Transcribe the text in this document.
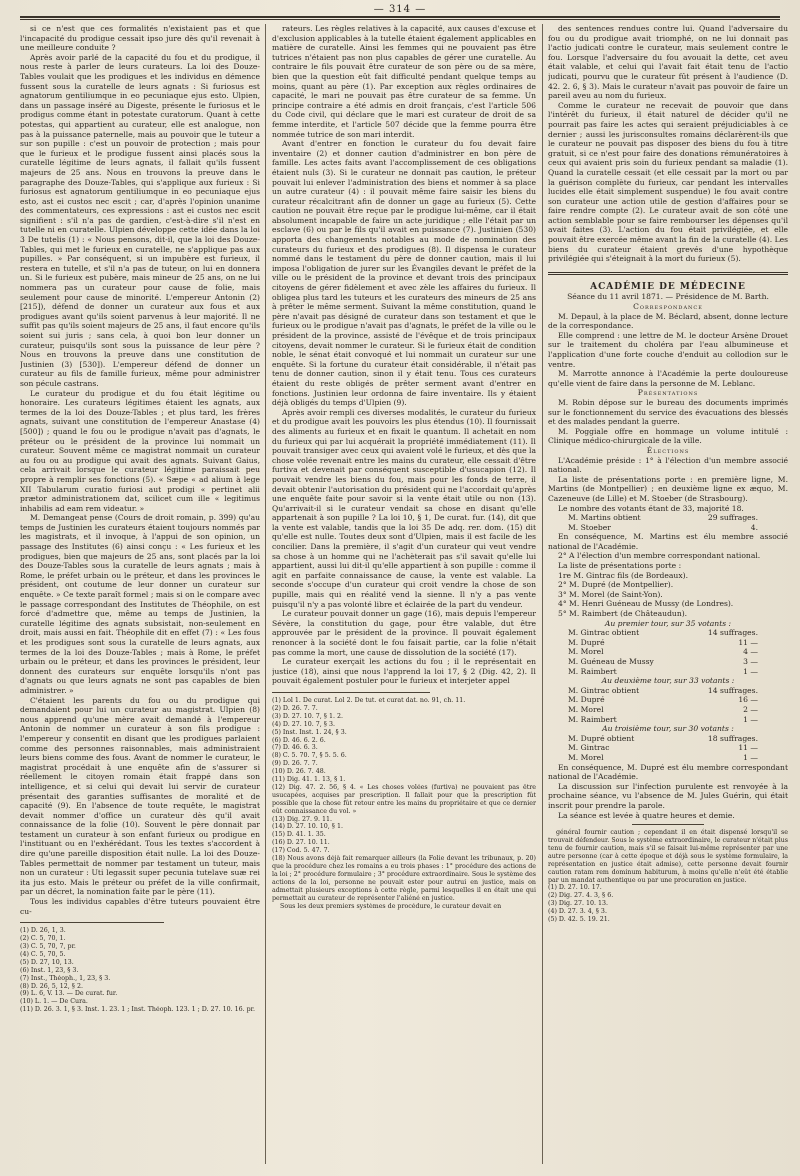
— 314 —

si ce n'est que ces formalités n'existaient pas et que l'incapacité du prodigue cessait ipso jure dès qu'il revenait à une meilleure conduite ?

Après avoir parlé de la capacité du fou et du prodigue, il nous reste à parler de leurs curateurs. La loi des Douze-Tables voulait que les prodigues et les individus en démence fussent sous la curatelle de leurs agnats : Si furiosus est agnatorum gentiliumque in eo pecuniaque ejus esto. Ulpien, dans un passage inséré au Digeste, présente le furiosus et le prodigus comme étant in potestate curatorum. Quant à cette potestas, qui appartient au curateur, elle est analogue, non pas à la puissance paternelle, mais au pouvoir que le tuteur a sur son pupille : c'est un pouvoir de protection ; mais pour que le furieux et le prodigue fussent ainsi placés sous la curatelle légitime de leurs agnats, il fallait qu'ils fussent majeurs de 25 ans. Nous en trouvons la preuve dans le paragraphe des Douze-Tables, qui s'applique aux furieux : Si furiosus est agnatorum gentiliumque in eo pecuniaque ejus esto, ast ei custos nec escit ; car, d'après l'opinion unanime des commentateurs, ces expressions : ast ei custos nec escit signifient : s'il n'a pas de gardien, c'est-à-dire s'il n'est en tutelle ni en curatelle. Ulpien développe cette idée dans la loi 3 De tutelis (1) : « Nous pensons, dit-il, que la loi des Douze-Tables, qui met le furieux en curatelle, ne s'applique pas aux pupilles. » Par conséquent, si un impubère est furieux, il restera en tutelle, et s'il n'a pas de tuteur, on lui en donnera un. Si le furieux est pubère, mais mineur de 25 ans, on ne lui nommera pas un curateur pour cause de folie, mais seulement pour cause de minorité. L'empereur Antonin (2) [215]), défend de donner un curateur aux fous et aux prodigues avant qu'ils soient parvenus à leur majorité. Il ne suffit pas qu'ils soient majeurs de 25 ans, il faut encore qu'ils soient sui juris ; sans cela, à quoi bon leur donner un curateur, puisqu'ils sont sous la puissance de leur père ? Nous en trouvons la preuve dans une constitution de Justinien (3) [530]). L'empereur défend de donner un curateur au fils de famille furieux, même pour administrer son pécule castrans.

Le curateur du prodigue et du fou était légitime ou honoraire. Les curateurs légitimes étaient les agnats, aux termes de la loi des Douze-Tables ; et plus tard, les frères agnats, suivant une constitution de l'empereur Anastase (4) [500]) ; quand le fou ou le prodigue n'avait pas d'agnats, le préteur ou le président de la province lui nommait un curateur. Souvent même ce magistrat nommait un curateur au fou ou au prodigue qui avait des agnats. Suivant Gaius, cela arrivait lorsque le curateur légitime paraissait peu propre à remplir ses fonctions (5). « Sæpe « ad alium à lege XII Tabularum curatio furiosi aut prodigi « pertinet alii prætor administrationem dat, scilicet cum ille « legitimus inhabilis ad eam rem videatur. »

M. Demangeat pense (Cours de droit romain, p. 399) qu'au temps de Justinien les curateurs étaient toujours nommés par les magistrats, et il invoque, à l'appui de son opinion, un passage des Institutes (6) ainsi conçu : « Les furieux et les prodigues, bien que majeurs de 25 ans, sont placés par la loi des Douze-Tables sous la curatelle de leurs agnats ; mais à Rome, le préfet urbain ou le préteur, et dans les provinces le président, ont coutume de leur donner un curateur sur enquête. » Ce texte paraît formel ; mais si on le compare avec le passage correspondant des Institutes de Théophile, on est forcé d'admettre que, même au temps de Justinien, la curatelle légitime des agnats subsistait, non-seulement en droit, mais aussi en fait. Théophile dit en effet (7) : « Les fous et les prodigues sont sous la curatelle de leurs agnats, aux termes de la loi des Douze-Tables ; mais à Rome, le préfet urbain ou le préteur, et dans les provinces le président, leur donnent des curateurs sur enquête lorsqu'ils n'ont pas d'agnats ou que leurs agnats ne sont pas capables de bien administrer. »

C'étaient les parents du fou ou du prodigue qui demandaient pour lui un curateur au magistrat. Ulpien (8) nous apprend qu'une mère avait demandé à l'empereur Antonin de nommer un curateur à son fils prodigue : l'empereur y consentit en disant que les prodigues parlaient comme des personnes raisonnables, mais administraient leurs biens comme des fous. Avant de nommer le curateur, le magistrat procédait à une enquête afin de s'assurer si réellement le citoyen romain était frappé dans son intelligence, et si celui qui devait lui servir de curateur présentait des garanties suffisantes de moralité et de capacité (9). En l'absence de toute requête, le magistrat devait nommer d'office un curateur dès qu'il avait connaissance de la folie (10). Souvent le père donnait par testament un curateur à son enfant furieux ou prodigue en l'instituant ou en l'exhérédant. Tous les textes s'accordent à dire qu'une pareille disposition était nulle. La loi des Douze-Tables permettait de nommer par testament un tuteur, mais non un curateur : Uti legassit super pecunia tutelave suæ rei ita jus esto. Mais le préteur ou préfet de la ville confirmait, par un décret, la nomination faite par le père (11).

Tous les individus capables d'être tuteurs pouvaient être cu-

(1) D. 26, 1, 3.
(2) C. 5, 70, 1.
(3) C. 5, 70, 7, pr.
(4) C. 5, 70, 5.
(5) D. 27, 10, 13.
(6) Inst. 1, 23, § 3.
(7) Inst., Théoph., 1, 23, § 3.
(8) D. 26, 5, 12, § 2.
(9) L. 6, V. 13. — De curat. fur.
(10) L. 1. — De Cura.
(11) D. 26. 3. 1, § 3. Inst. 1. 23. 1 ; Inst. Théoph. 123. 1 ; D. 27. 10. 16. pr.

rateurs. Les règles relatives à la capacité, aux causes d'excuse et d'exclusion applicables à la tutelle étaient également applicables en matière de curatelle. Ainsi les femmes qui ne pouvaient pas être tutrices n'étaient pas non plus capables de gérer une curatelle. Au contraire le fils pouvait être curateur de son père ou de sa mère, bien que la question eût fait difficulté pendant quelque temps au moins, quant au père (1). Par exception aux règles ordinaires de capacité, le mari ne pouvait pas être curateur de sa femme. Un principe contraire a été admis en droit français, c'est l'article 506 du Code civil, qui déclare que le mari est curateur de droit de sa femme interdite, et l'article 507 décide que la femme pourra être nommée tutrice de son mari interdit.

Avant d'entrer en fonction le curateur du fou devait faire inventaire (2) et donner caution d'administrer en bon père de famille. Les actes faits avant l'accomplissement de ces obligations étaient nuls (3). Si le curateur ne donnait pas caution, le préteur pouvait lui enlever l'administration des biens et nommer à sa place un autre curateur (4) : il pouvait même faire saisir les biens du curateur récalcitrant afin de donner un gage au furieux (5). Cette caution ne pouvait être reçue par le prodigue lui-même, car il était absolument incapable de faire un acte juridique ; elle l'était par un esclave (6) ou par le fils qu'il avait en puissance (7). Justinien (530) apporta des changements notables au mode de nomination des curateurs du furieux et des prodigues (8). Il dispensa le curateur nommé dans le testament du père de donner caution, mais il lui imposa l'obligation de jurer sur les Évangiles devant le préfet de la ville ou le président de la province et devant trois des principaux citoyens de gérer fidèlement et avec zèle les affaires du furieux. Il obligea plus tard les tuteurs et les curateurs des mineurs de 25 ans à prêter le même serment. Suivant la même constitution, quand le père n'avait pas désigné de curateur dans son testament et que le furieux ou le prodigue n'avait pas d'agnats, le préfet de la ville ou le président de la province, assisté de l'évêque et de trois principaux citoyens, devait nommer le curateur. Si le furieux était de condition noble, le sénat était convoqué et lui nommait un curateur sur une enquête. Si la fortune du curateur était considérable, il n'était pas tenu de donner caution, sinon il y était tenu. Tous ces curateurs étaient du reste obligés de prêter serment avant d'entrer en fonctions. Justinien leur ordonna de faire inventaire. Ils y étaient déjà obligés du temps d'Ulpien (9).

Après avoir rempli ces diverses modalités, le curateur du furieux et du prodigue avait les pouvoirs les plus étendus (10). Il fournissait des aliments au furieux et en fixait le quantum. Il achetait en nom du furieux qui par lui acquérait la propriété immédiatement (11). Il pouvait transiger avec ceux qui avaient volé le furieux, et dès que la chose volée revenait entre les mains du curateur, elle cessait d'être furtiva et devenait par conséquent susceptible d'usucapion (12). Il pouvait vendre les biens du fou, mais pour les fonds de terre, il devait obtenir l'autorisation du président qui ne l'accordait qu'après une enquête faite pour savoir si la vente était utile ou non (13). Qu'arrivait-il si le curateur vendait sa chose en disant qu'elle appartenait à son pupille ? La loi 10, § 1, De curat. fur. (14), dit que la vente est valable, tandis que la loi 35 De adq. rer. dom. (15) dit qu'elle est nulle. Toutes deux sont d'Ulpien, mais il est facile de les concilier. Dans la première, il s'agit d'un curateur qui veut vendre sa chose à un homme qui ne l'achèterait pas s'il savait qu'elle lui appartient, aussi lui dit-il qu'elle appartient à son pupille : comme il agit en parfaite connaissance de cause, la vente est valable. La seconde s'occupe d'un curateur qui croit vendre la chose de son pupille, mais qui en réalité vend la sienne. Il n'y a pas vente puisqu'il n'y a pas volonté libre et éclairée de la part du vendeur.

Le curateur pouvait donner un gage (16), mais depuis l'empereur Sévère, la constitution du gage, pour être valable, dut être approuvée par le président de la province. Il pouvait également renoncer à la société dont le fou faisait partie, car la folie n'était pas comme la mort, une cause de dissolution de la société (17).

Le curateur exerçait les actions du fou ; il le représentait en justice (18), ainsi que nous l'apprend la loi 17, § 2 (Dig. 42, 2). Il pouvait également postuler pour le furieux et interjeter appel

(1) Lol 1. De curat. Lol 2. De tut. et curat dat. no. 91, ch. 11.
(2) D. 26. 7. 7.
(3) D. 27. 10. 7, § 1. 2.
(4) D. 27. 10. 7, § 3.
(5) Inst. Inst. 1. 24, § 3.
(6) D. 46. 6. 2. 6.
(7) D. 46. 6. 3.
(8) C. 5. 70. 7, § 5. 5. 6.
(9) D. 26. 7. 7.
(10) D. 26. 7. 48.
(11) Dig. 41. 1. 13, § 1.
(12) Dig. 47. 2. 56, § 4. « Les choses volées (furtiva) ne pouvaient pas être usucapées, acquises par prescription. Il fallait pour que la prescription fût possible que la chose fût retour entre les mains du propriétaire et que ce dernier eût connaissance du vol. »
(13) Dig. 27. 9. 11.
(14) D. 27. 10. 10, § 1.
(15) D. 41. 1. 35.
(16) D. 27. 10. 11.
(17) Cod. 5. 47. 7.
(18) Nous avons déjà fait remarquer ailleurs (la Folie devant les tribunaux, p. 20) que la procédure chez les romains a eu trois phases : 1° procédure des actions de la loi ; 2° procédure formulaire ; 3° procédure extraordinaire. Sous le système des actions de la loi, personne ne pouvait ester pour autrui en justice, mais on admettait plusieurs exceptions à cette règle, parmi lesquelles il en était une qui permettait au curateur de représenter l'aliéné en justice.
Sous les deux premiers systèmes de procédure, le curateur devait en

des sentences rendues contre lui. Quand l'adversaire du fou ou du prodigue avait triomphé, on ne lui donnait pas l'actio judicati contre le curateur, mais seulement contre le fou. Lorsque l'adversaire du fou avouait la dette, cet aveu était valable, et celui qui l'avait fait était tenu de l'actio judicati, pourvu que le curateur fût présent à l'audience (D. 42. 2. 6, § 3). Mais le curateur n'avait pas pouvoir de faire un pareil aveu au nom du furieux.

Comme le curateur ne recevait de pouvoir que dans l'intérêt du furieux, il était naturel de décider qu'il ne pourrait pas faire les actes qui seraient préjudiciables à ce dernier ; aussi les jurisconsultes romains déclarèrent-ils que le curateur ne pouvait pas disposer des biens du fou à titre gratuit, si ce n'est pour faire des donations rémunératoires à ceux qui avaient pris soin du furieux pendant sa maladie (1). Quand la curatelle cessait (et elle cessait par la mort ou par la guérison complète du furieux, car pendant les intervalles lucides elle était simplement suspendue) le fou avait contre son curateur une action utile de gestion d'affaires pour se faire rendre compte (2). Le curateur avait de son côté une action semblable pour se faire rembourser les dépenses qu'il avait faites (3). L'action du fou était privilégiée, et elle pouvait être exercée même avant la fin de la curatelle (4). Les biens du curateur étaient grevés d'une hypothèque privilégiée qui s'éteignait à la mort du furieux (5).

ACADÉMIE DE MÉDECINE

Séance du 11 avril 1871. — Présidence de M. Barth.

Correspondance

M. Depaul, à la place de M. Béclard, absent, donne lecture de la correspondance.

Elle comprend : une lettre de M. le docteur Arsène Drouet sur le traitement du choléra par l'eau albumineuse et l'application d'une forte couche d'enduit au collodion sur le ventre.

M. Marrotte annonce à l'Académie la perte douloureuse qu'elle vient de faire dans la personne de M. Leblanc.

Présentations

M. Robin dépose sur le bureau des documents imprimés sur le fonctionnement du service des évacuations des blessés et des malades pendant la guerre.

M. Poggiale offre en hommage un volume intitulé : Clinique médico-chirurgicale de la ville.

Élections

L'Académie préside : 1° à l'élection d'un membre associé national.

La liste de présentations porte : en première ligne, M. Martins (de Montpellier) ; en deuxième ligne ex æquo, M. Cazeneuve (de Lille) et M. Stoeber (de Strasbourg).

Le nombre des votants étant de 33, majorité 18.

M. Martins obtient	29 suffrages.
M. Stoeber	4.

En conséquence, M. Martins est élu membre associé national de l'Académie.

2° A l'élection d'un membre correspondant national.

La liste de présentations porte :

1re M. Gintrac fils (de Bordeaux).

2° M. Dupré (de Montpellier).

3° M. Morel (de Saint-Yon).

4° M. Henri Guéneau de Mussy (de Londres).

5° M. Raimbert (de Châteaudun).

Au premier tour, sur 35 votants :

M. Gintrac obtient	14 suffrages.
M. Dupré	11 —
M. Morel	4 —
M. Guéneau de Mussy	3 —
M. Raimbert	1 —

Au deuxième tour, sur 33 votants :

M. Gintrac obtient	14 suffrages.
M. Dupré	16 —
M. Morel	2 —
M. Raimbert	1 —

Au troisième tour, sur 30 votants :

M. Dupré obtient	18 suffrages.
M. Gintrac	11 —
M. Morel	1 —

En conséquence, M. Dupré est élu membre correspondant national de l'Académie.

La discussion sur l'infection purulente est renvoyée à la prochaine séance, vu l'absence de M. Jules Guérin, qui était inscrit pour prendre la parole.

La séance est levée à quatre heures et demie.

général fournir caution ; cependant il en était dispensé lorsqu'il se trouvait défendeur. Sous le système extraordinaire, le curateur n'était plus tenu de fournir caution, mais s'il se faisait lui-même représenter par une autre personne (car à cette époque et déjà sous le système formulaire, la représentation en justice était admise), cette personne devait fournir caution ratam rem dominum habiturum, à moins qu'elle n'eût été établie par un mandat authentique ou par une procuration en justice.

(1) D. 27. 10. 17.
(2) Dig. 27. 4. 3, § 6.
(3) Dig. 27. 10. 13.
(4) D. 27. 3. 4, § 3.
(5) D. 42. 5. 19. 21.
